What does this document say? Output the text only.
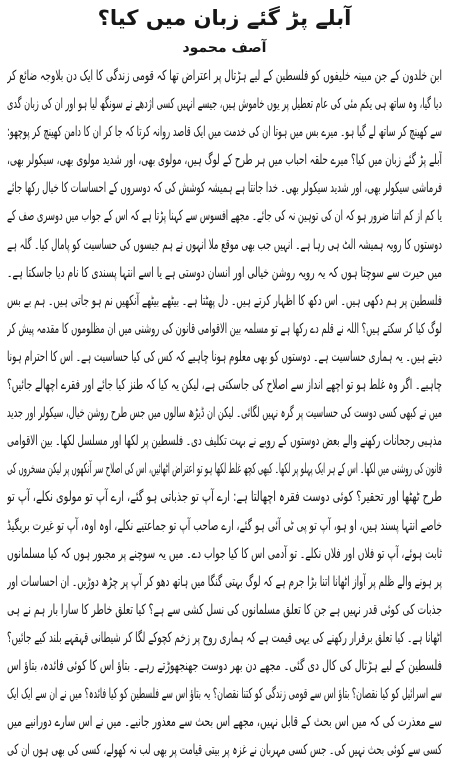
آبلے پڑ گئے زبان میں کیا؟
آصف محمود
ابن خلدون کے جن مبینہ خلیفوں کو فلسطین کے لیے ہڑتال پر اعتراض تھا کہ قومی زندگی کا ایک دن بلاوجہ ضائع کر
دیا گیا، وہ ساتھ ہی یکم مئی کی عام تعطیل پر یوں خاموش ہیں، جیسے انہیں کسی اژدھے نے سونگھ لیا ہو اور ان کی زبان گدی
سے کھینچ کر ساتھ لے گیا ہو۔ میرے بس میں ہوتا ان کی خدمت میں ایک قاصد روانہ کرتا کہ جا کر ان کا دامن کھینچ کر پوچھو:
آبلے پڑ گئے زبان میں کیا؟ میرے حلقہ احباب میں ہر طرح کے لوگ ہیں، مولوی بھی، اور شدید مولوی بھی، سیکولر بھی،
فرماشی سیکولر بھی، اور شدید سیکولر بھی۔ خدا جانتا ہے ہمیشہ کوشش کی کہ دوسروں کے احساسات کا خیال رکھا جائے
یا کم از کم اتنا ضرور ہو کہ ان کی توہین نہ کی جائے۔ مجھے افسوس سے کہنا پڑتا ہے کہ اس کے جواب میں دوسری صف کے
دوستوں کا رویہ ہمیشہ الٹ ہی رہا ہے۔ انہیں جب بھی موقع ملا انہوں نے ہم جیسوں کی حساسیت کو پامال کیا۔ گلہ ہے
میں حیرت سے سوچتا ہوں کہ یہ رویہ روشن خیالی اور انسان دوستی ہے یا اسے انتہا پسندی کا نام دیا جاسکتا ہے۔
فلسطین پر ہم دکھی ہیں۔ اس دکھ کا اظہار کرتے ہیں۔ دل پھٹتا ہے۔ بیٹھے بیٹھے آنکھیں نم ہو جاتی ہیں۔ ہم بے بس
لوگ کیا کر سکتے ہیں؟ اللہ نے قلم دے رکھا ہے تو مسلمہ بین الاقوامی قانون کی روشنی میں ان مظلوموں کا مقدمہ پیش کر
دیتے ہیں۔ یہ ہماری حساسیت ہے۔ دوستوں کو بھی معلوم ہونا چاہیے کہ کس کی کیا حساسیت ہے۔ اس کا احترام ہونا
چاہیے۔ اگر وہ غلط ہو تو اچھے انداز سے اصلاح کی جاسکتی ہے، لیکن یہ کیا کہ طنز کیا جائے اور فقرے اچھالے جائیں؟
میں نے کبھی کسی دوست کی حساسیت پر گرہ نہیں لگائی۔ لیکن ان ڈیڑھ سالوں میں جس طرح روشن خیال، سیکولر اور جدید
مذہبی رجحانات رکھنے والے بعض دوستوں کے رویے نے بہت تکلیف دی۔ فلسطین پر لکھا اور مسلسل لکھا۔ بین الاقوامی
قانون کی روشنی میں لکھا۔ اس کے ہر ایک پہلو پر لکھا۔ کبھی کچھ غلط لکھا ہو تو اعتراض اٹھائیں، اس کی اصلاح سر آنکھوں پر لیکن مسخروں کی
طرح ٹھٹھا اور تحقیر؟ کوئی دوست فقرہ اچھالتا ہے: ارے آپ تو جذباتی ہو گئے، ارے آپ تو مولوی نکلے، آپ تو
خاصے انتہا پسند ہیں، او ہو، آپ تو پی ٹی آئی ہو گئے، ارے صاحب آپ تو جماعتیے نکلے، اوہ اوہ، آپ تو غیرت بریگیڈ
ثابت ہوئے، آپ تو فلاں اور فلاں نکلے۔ تو آدمی اس کا کیا جواب دے۔ میں یہ سوچنے پر مجبور ہوں کہ کیا مسلمانوں
پر ہونے والے ظلم پر آواز اٹھانا اتنا بڑا جرم ہے کہ لوگ بہتی گنگا میں ہاتھ دھو کر آپ پر چڑھ دوڑیں۔ ان احساسات اور
جذبات کی کوئی قدر نہیں ہے جن کا تعلق مسلمانوں کی نسل کشی سے ہے؟ کیا تعلق خاطر کا سارا بار ہم نے ہی
اٹھانا ہے۔ کیا تعلق برقرار رکھنے کی یہی قیمت ہے کہ ہماری روح پر زخم کچوکے لگا کر شیطانی قہقہے بلند کیے جائیں؟
فلسطین کے لیے ہڑتال کی کال دی گئی۔ مجھے دن بھر دوست جھنجھوڑتے رہے۔ بتاؤ اس کا کوئی فائدہ، بتاؤ اس
سے اسرائیل کو کیا نقصان؟ بتاؤ اس سے قومی زندگی کو کتنا نقصان؟ یہ بتاؤ اس سے فلسطین کو کیا فائدہ؟ میں نے ان سے ایک ایک
سے معذرت کی کہ میں اس بحث کے قابل نہیں، مجھے اس بحث سے معذور جانیے۔ میں نے اس سارے دورانیے میں
کسی سے کوئی بحث نہیں کی۔ جس کسی مہربان نے غزہ پر بیتی قیامت پر بھی لب نہ کھولے، کسی کی بھی ہوں ان کی
